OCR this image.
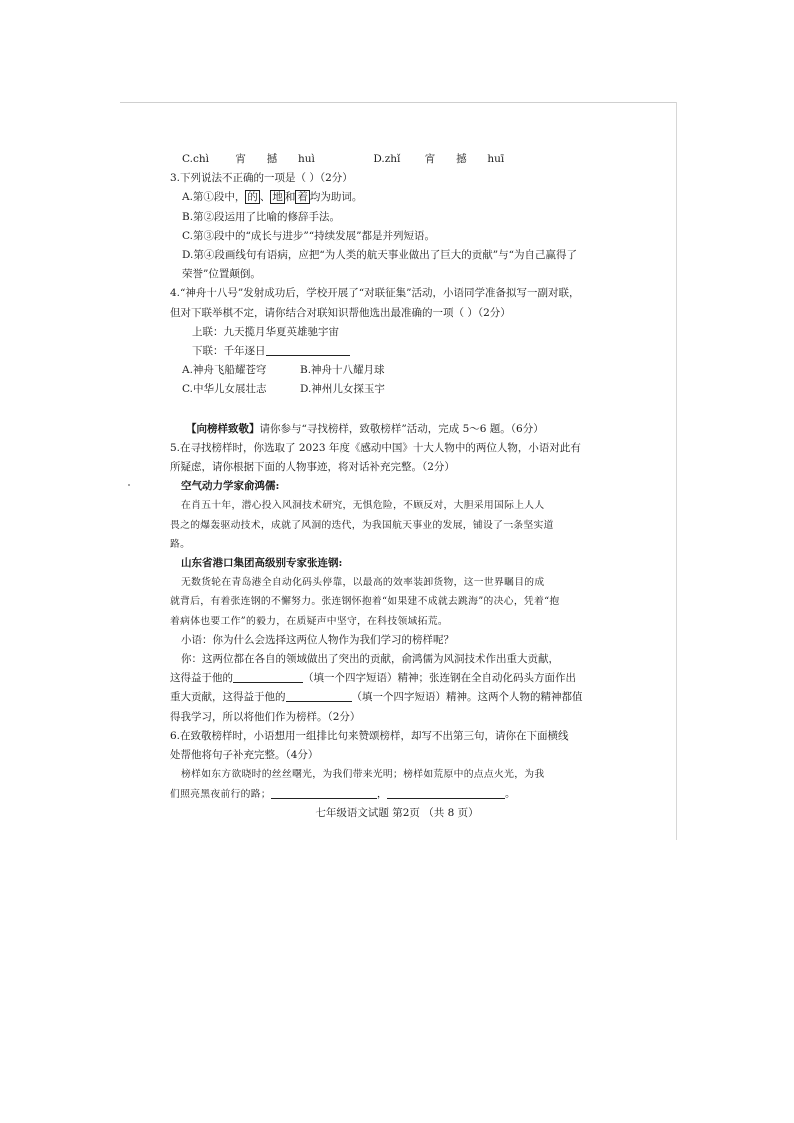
C.chì	宵 撼 huì	D.zhǐ 宵 撼 huī
3.下列说法不正确的一项是（ ）（2分）
A.第①段中， 的 、 地 和 着 均为助词。
B.第②段运用了比喻的修辞手法。
C.第③段中的“成长与进步”“持续发展”都是并列短语。
D.第④段画线句有语病，应把“为人类的航天事业做出了巨大的贡献”与“为自己赢得了
荣誉”位置颠倒。
4.“神舟十八号”发射成功后，学校开展了“对联征集”活动，小语同学准备拟写一副对联，
但对下联举棋不定，请你结合对联知识帮他选出最准确的一项（ ）（2分）
上联：九天揽月华夏英雄驰宇宙
下联：千年逐日
A.神舟飞船耀苍穹	B.神舟十八耀月球
C.中华儿女展壮志	D.神州儿女探玉宇
【向榜样致敬】请你参与“寻找榜样，致敬榜样”活动，完成 5～6 题。（6分）
5.在寻找榜样时，你选取了 2023 年度《感动中国》十大人物中的两位人物，小语对此有
所疑虑，请你根据下面的人物事迹，将对话补充完整。（2分）
空气动力学家俞鸿儒:
在肖五十年，潜心投入风洞技术研究，无惧危险，不顾反对，大胆采用国际上人人
畏之的爆轰驱动技术，成就了风洞的迭代，为我国航天事业的发展，铺设了一条坚实道
路。
山东省港口集团高级别专家张连钢:
无数货轮在青岛港全自动化码头停靠，以最高的效率装卸货物，这一世界瞩目的成
就背后，有着张连钢的不懈努力。张连钢怀抱着“如果建不成就去跳海”的决心，凭着“抱
着病体也要工作”的毅力，在质疑声中坚守，在科技领域拓荒。
小语：你为什么会选择这两位人物作为我们学习的榜样呢？
你：这两位都在各自的领域做出了突出的贡献，俞鸿儒为风洞技术作出重大贡献，
这得益于他的	（填一个四字短语）精神；张连钢在全自动化码头方面作出
重大贡献，这得益于他的	（填一个四字短语）精神。这两个人物的精神都值
得我学习，所以将他们作为榜样。（2分）
6.在致敬榜样时，小语想用一组排比句来赞颂榜样，却写不出第三句，请你在下面横线
处帮他将句子补充完整。（4分）
榜样如东方欲晓时的丝丝曙光，为我们带来光明；榜样如荒原中的点点火光，为我
们照亮黑夜前行的路；	，	。
七年级语文试题 第2页 （共 8 页）
